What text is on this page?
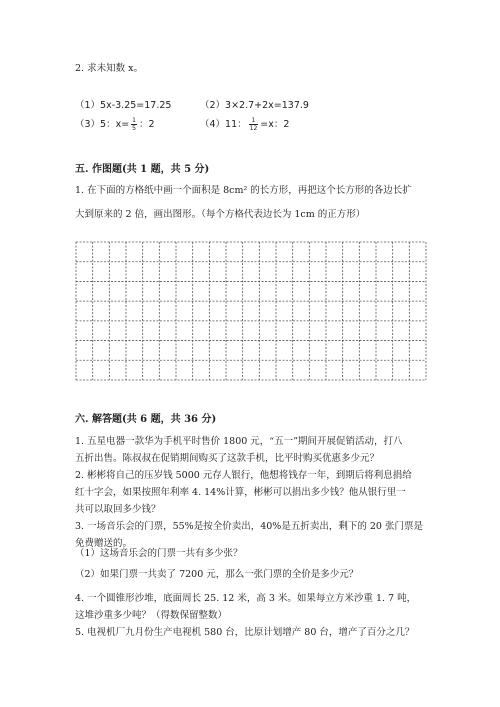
2. 求未知数 x。
（1）5x-3.25=17.25	（2）3×2.7+2x=137.9
（3）5：$x= \frac{1}{5}$ ：2	（4）11： $\frac{1}{12} =x$：2
五. 作图题(共 1 题，共 5 分)
1. 在下面的方格纸中画一个面积是 8cm² 的长方形，再把这个长方形的各边长扩
大到原来的 2 倍，画出图形。（每个方格代表边长为 1cm 的正方形）
六. 解答题(共 6 题，共 36 分)
1. 五星电器一款华为手机平时售价 1800 元，“五一”期间开展促销活动，打八
五折出售。陈叔叔在促销期间购买了这款手机，比平时购买优惠多少元？
2. 彬彬将自己的压岁钱 5000 元存人银行，他想将钱存一年，到期后将利息捐给
红十字会，如果按照年利率 4. 14%计算，彬彬可以捐出多少钱？他从银行里一
共可以取回多少钱？
3. 一场音乐会的门票，55%是按全价卖出，40%是五折卖出，剩下的 20 张门票是
免费赠送的。
（1）这场音乐会的门票一共有多少张？
（2）如果门票一共卖了 7200 元，那么一张门票的全价是多少元？
4. 一个圆锥形沙堆，底面周长 25. 12 米，高 3 米。如果每立方米沙重 1. 7 吨，
这堆沙重多少吨？（得数保留整数）
5. 电视机厂九月份生产电视机 580 台，比原计划增产 80 台，增产了百分之几？
